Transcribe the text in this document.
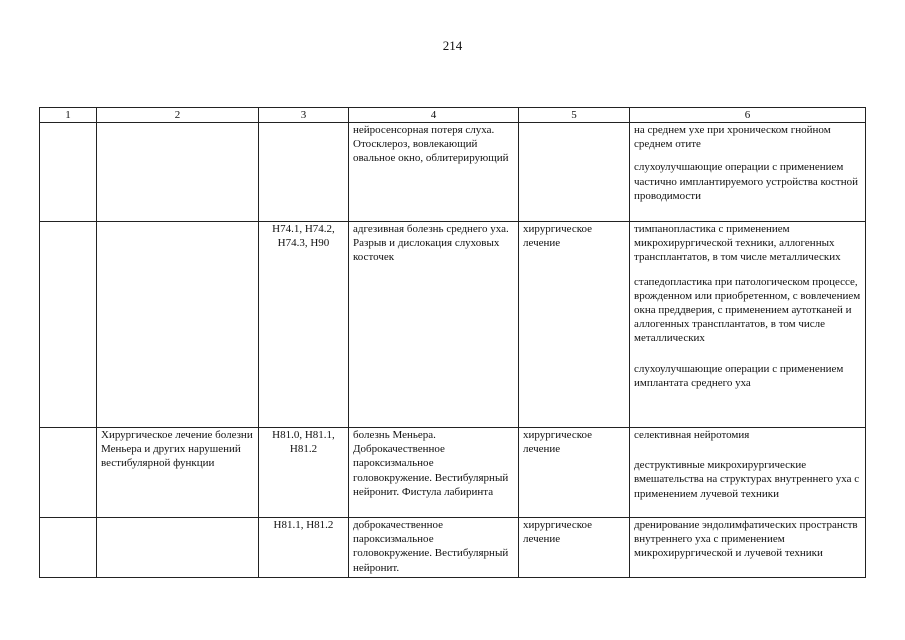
214
1	2	3	4	5	6

			нейросенсорная потеря слуха.
Отосклероз, вовлекающий овальное окно, облитерирующий		на среднем ухе при хроническом гнойном среднем отите
слухоулучшающие операции с применением частично имплантируемого устройства костной проводимости

		H74.1, H74.2, H74.3, H90	адгезивная болезнь среднего уха. Разрыв и дислокация слуховых косточек	хирургическое лечение	тимпанопластика с применением микрохирургической техники, аллогенных трансплантатов, в том числе металлических
стапедопластика при патологическом процессе, врожденном или приобретенном, с вовлечением окна преддверия, с применением аутотканей и аллогенных трансплантатов, в том числе металлических
слухоулучшающие операции с применением имплантата среднего уха

	Хирургическое лечение болезни Меньера и других нарушений вестибулярной функции	H81.0, H81.1, H81.2	болезнь Меньера. Доброкачественное пароксизмальное головокружение. Вестибулярный нейронит. Фистула лабиринта	хирургическое лечение	селективная нейротомия
деструктивные микрохирургические вмешательства на структурах внутреннего уха с применением лучевой техники

		H81.1, H81.2	доброкачественное пароксизмальное головокружение. Вестибулярный нейронит.	хирургическое лечение	дренирование эндолимфатических пространств внутреннего уха с применением микрохирургической и лучевой техники
